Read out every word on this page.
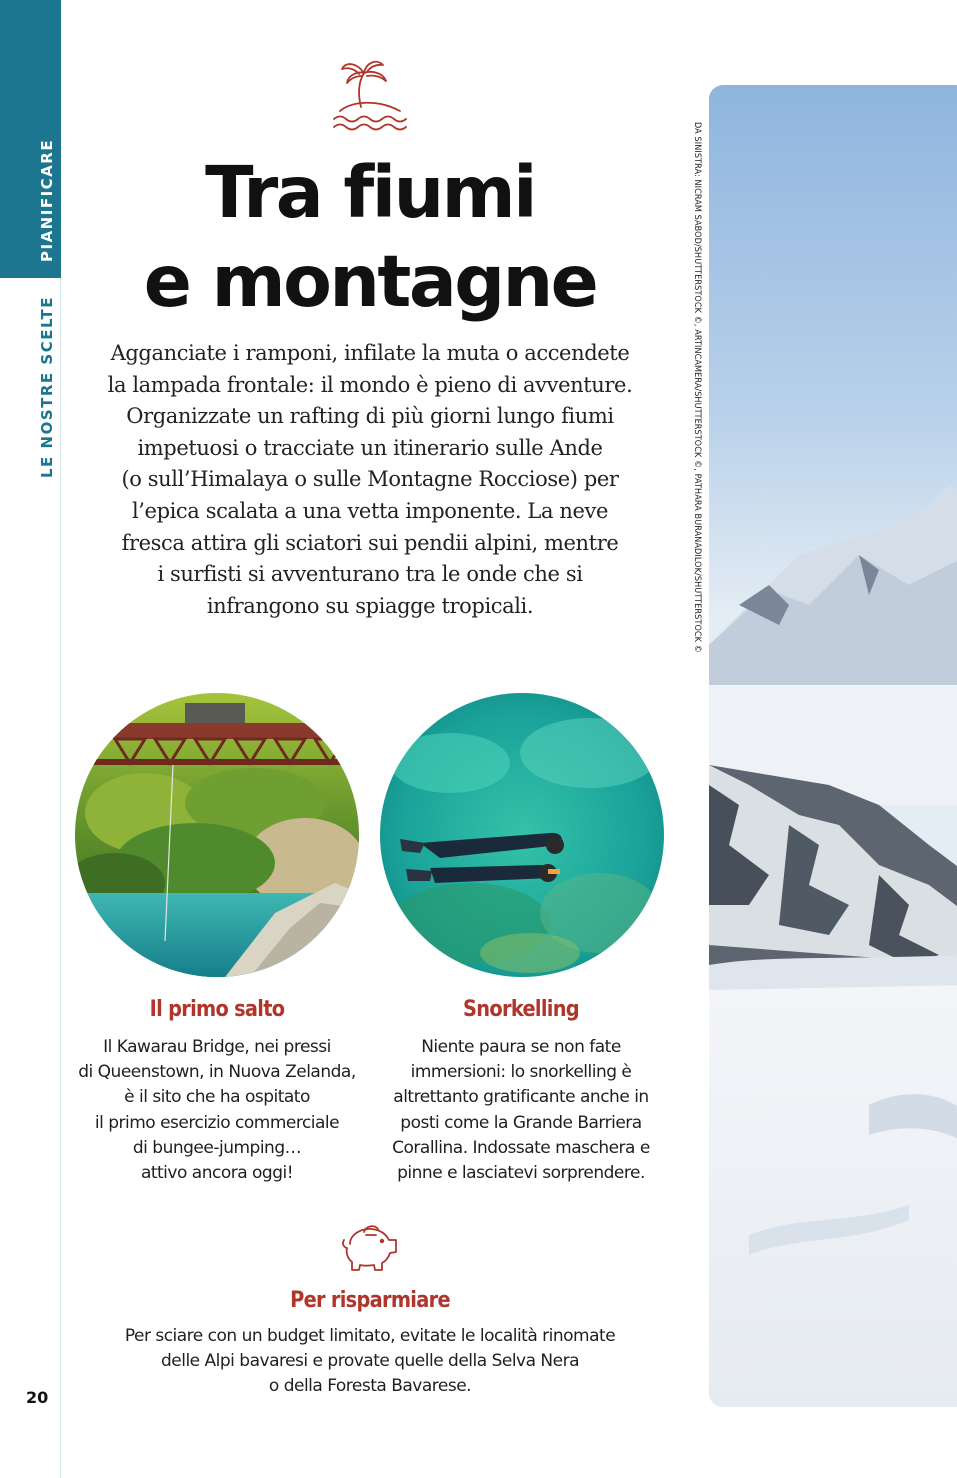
PIANIFICARE
LE NOSTRE SCELTE
Tra fiumi
e montagne

Agganciate i ramponi, infilate la muta o accendete
la lampada frontale: il mondo è pieno di avventure.
Organizzate un rafting di più giorni lungo fiumi
impetuosi o tracciate un itinerario sulle Ande
(o sull’Himalaya o sulle Montagne Rocciose) per
l’epica scalata a una vetta imponente. La neve
fresca attira gli sciatori sui pendii alpini, mentre
i surfisti si avventurano tra le onde che si
infrangono su spiagge tropicali.

Il primo salto

Il Kawarau Bridge, nei pressi
di Queenstown, in Nuova Zelanda,
è il sito che ha ospitato
il primo esercizio commerciale
di bungee-jumping…
attivo ancora oggi!

Snorkelling

Niente paura se non fate
immersioni: lo snorkelling è
altrettanto gratificante anche in
posti come la Grande Barriera
Corallina. Indossate maschera e
pinne e lasciatevi sorprendere.

Per risparmiare

Per sciare con un budget limitato, evitate le località rinomate
delle Alpi bavaresi e provate quelle della Selva Nera
o della Foresta Bavarese.

20
DA SINISTRA: NICRAM SABOD/SHUTTERSTOCK ©, ARTINCAMERA/SHUTTERSTOCK ©, PATHARA BURANADILOK/SHUTTERSTOCK ©
